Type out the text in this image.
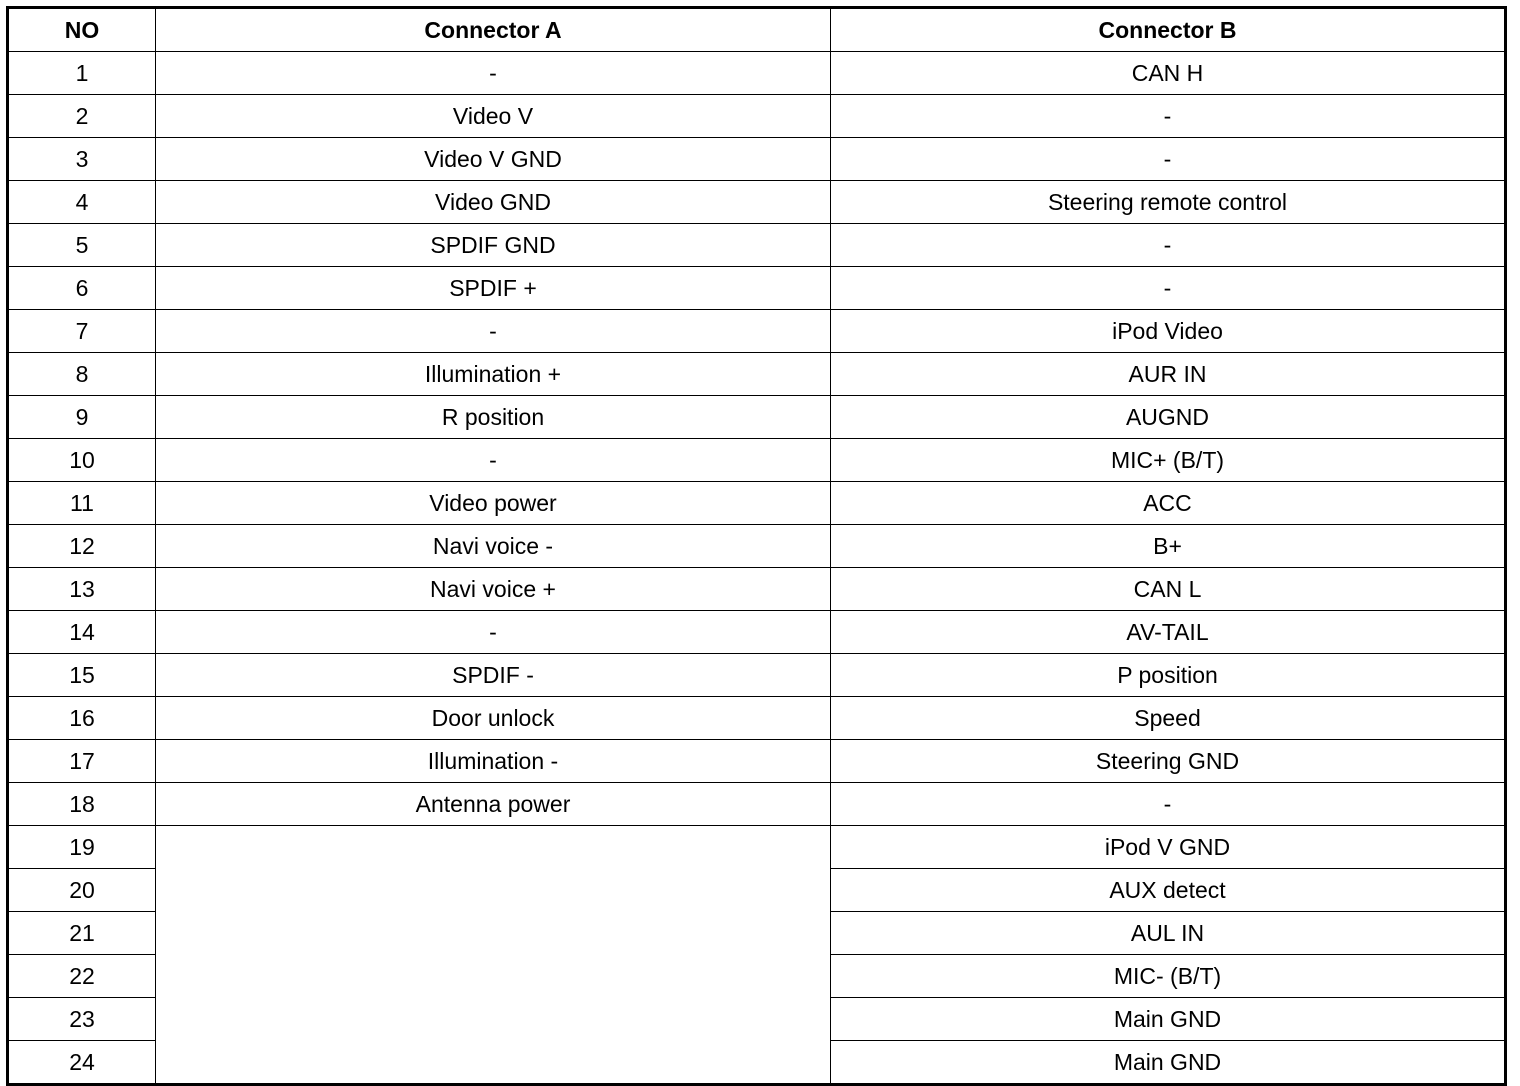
NO	Connector A	Connector B
1	-	CAN H
2	Video V	-
3	Video V GND	-
4	Video GND	Steering remote control
5	SPDIF GND	-
6	SPDIF +	-
7	-	iPod Video
8	Illumination +	AUR IN
9	R position	AUGND
10	-	MIC+ (B/T)
11	Video power	ACC
12	Navi voice -	B+
13	Navi voice +	CAN L
14	-	AV-TAIL
15	SPDIF -	P position
16	Door unlock	Speed
17	Illumination -	Steering GND
18	Antenna power	-
19		iPod V GND
20		AUX detect
21		AUL IN
22		MIC- (B/T)
23		Main GND
24		Main GND
